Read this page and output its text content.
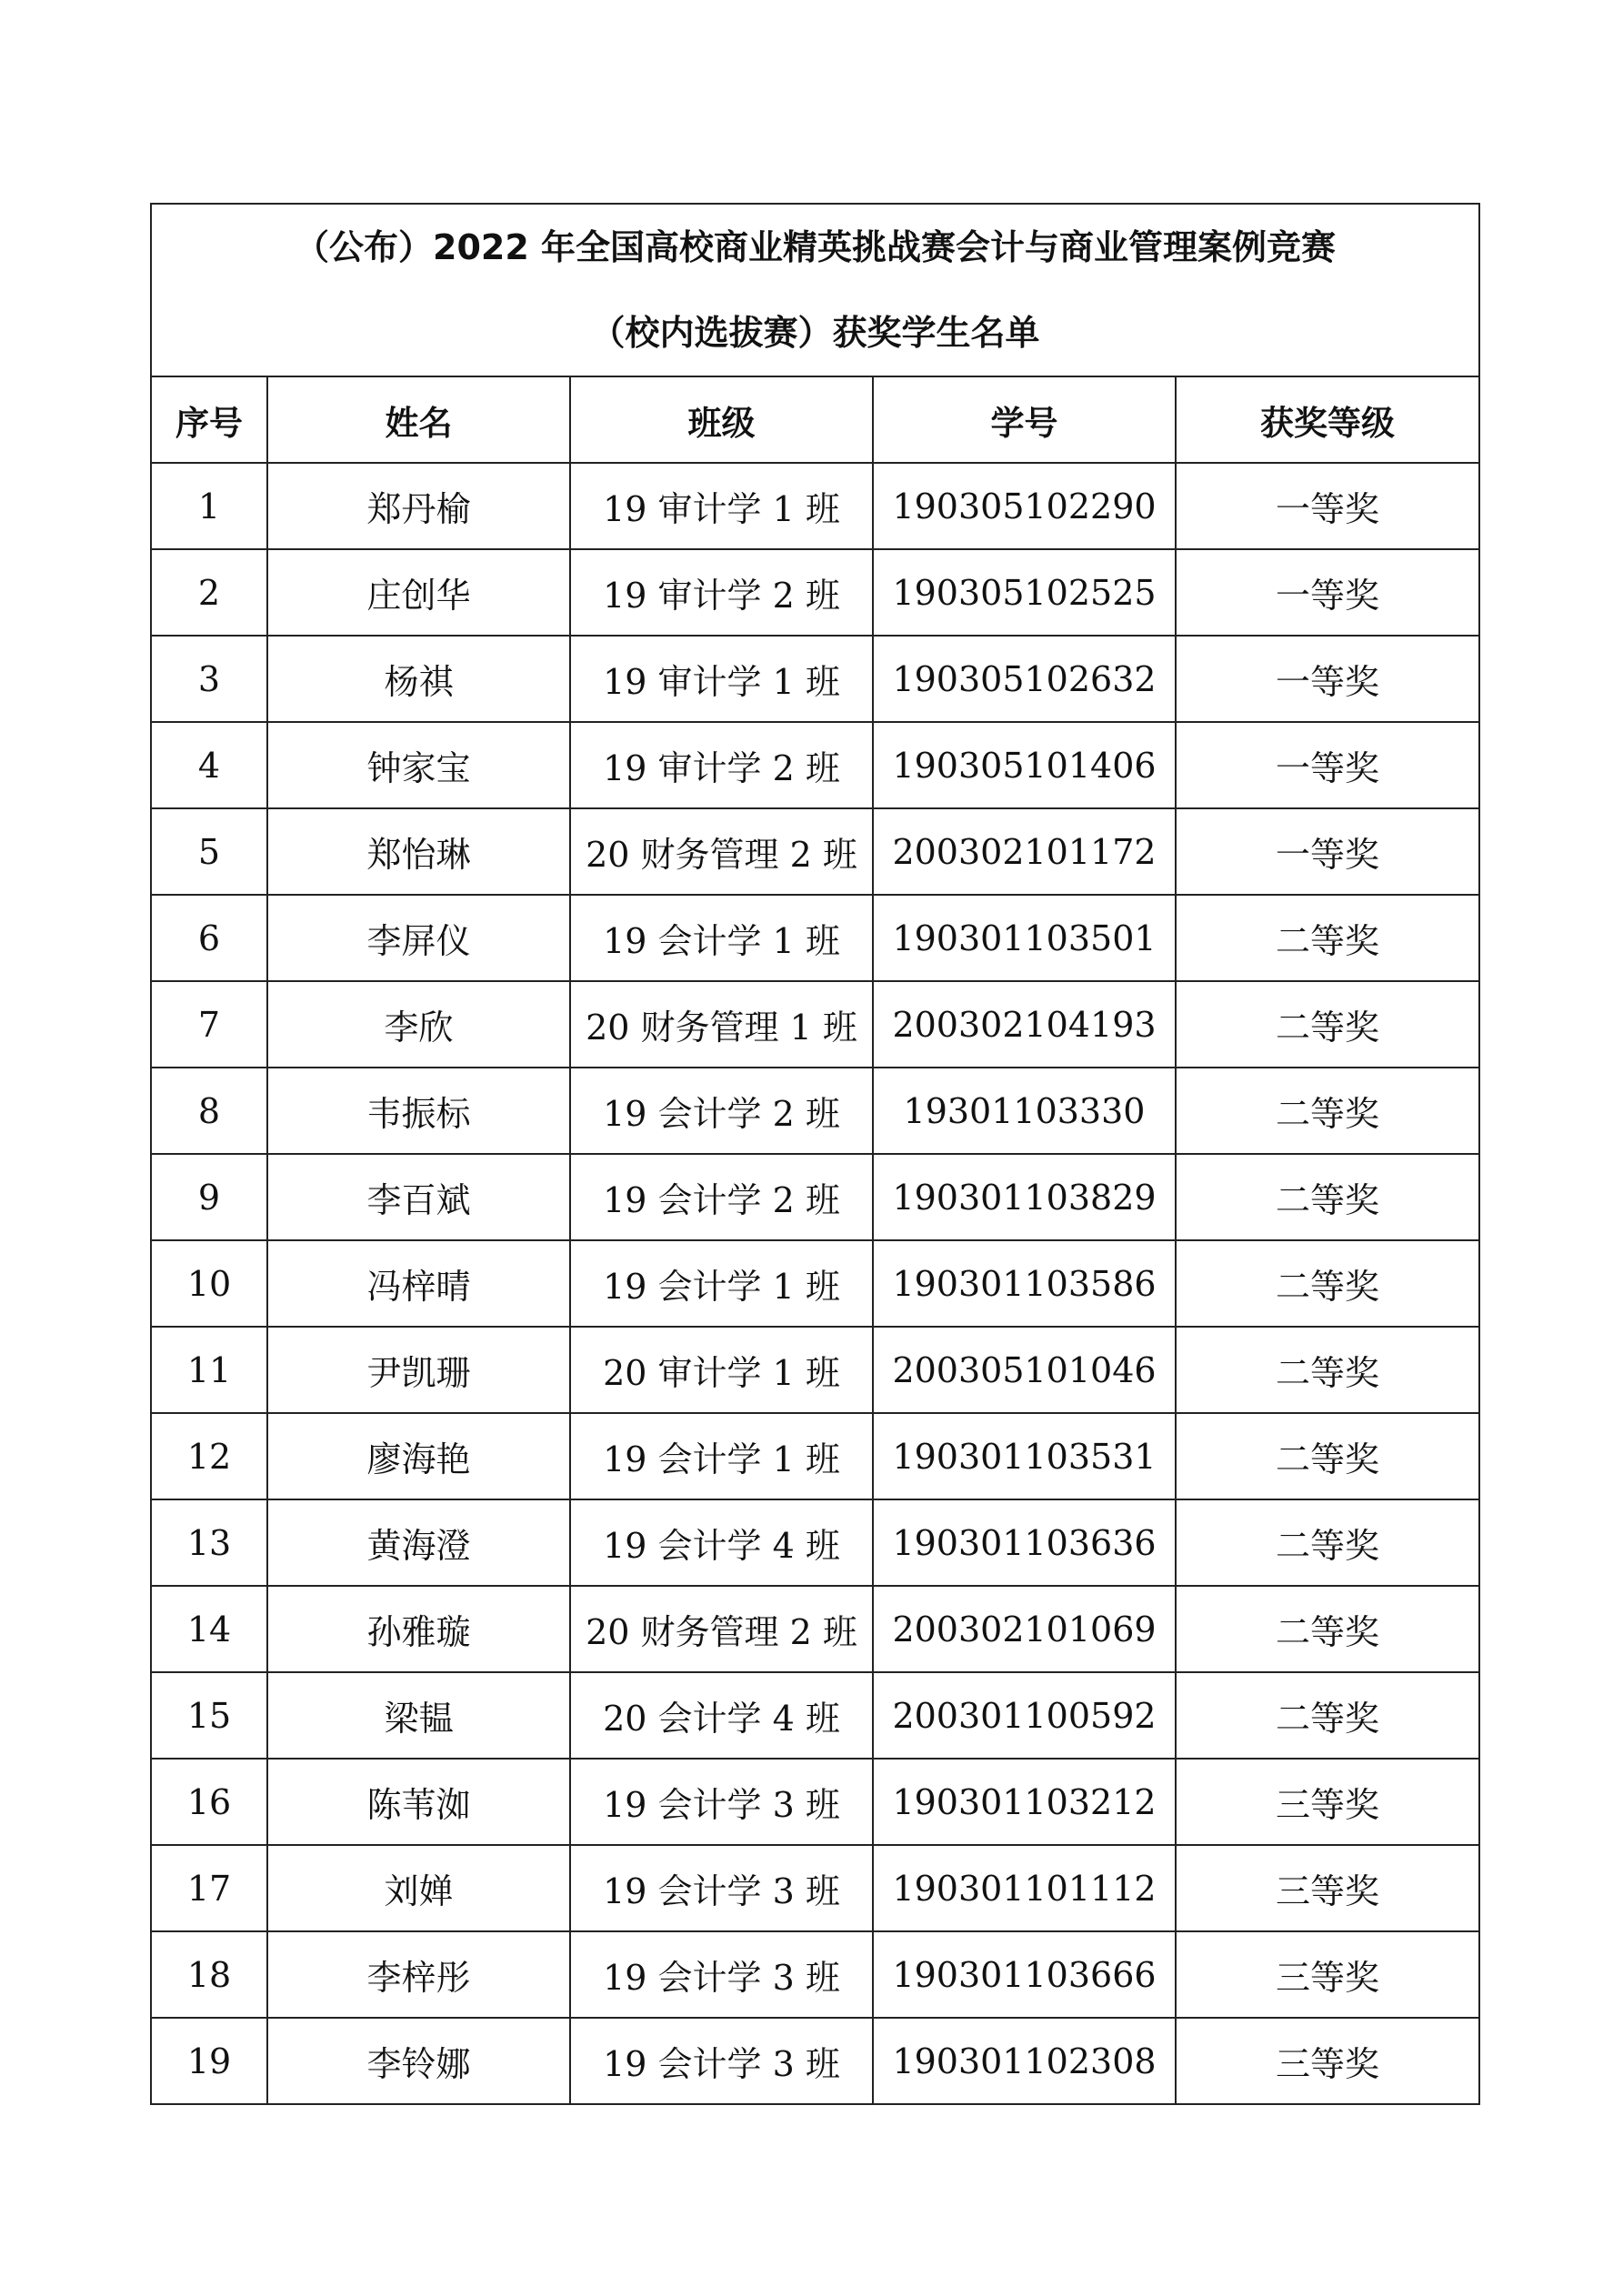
（公布）2022 年全国高校商业精英挑战赛会计与商业管理案例竞赛
（校内选拔赛）获奖学生名单				

序号	姓名	班级	学号	获奖等级
1	郑丹榆	19 审计学 1 班	190305102290	一等奖
2	庄创华	19 审计学 2 班	190305102525	一等奖
3	杨祺	19 审计学 1 班	190305102632	一等奖
4	钟家宝	19 审计学 2 班	190305101406	一等奖
5	郑怡琳	20 财务管理 2 班	200302101172	一等奖
6	李屏仪	19 会计学 1 班	190301103501	二等奖
7	李欣	20 财务管理 1 班	200302104193	二等奖
8	韦振标	19 会计学 2 班	19301103330	二等奖
9	李百斌	19 会计学 2 班	190301103829	二等奖
10	冯梓晴	19 会计学 1 班	190301103586	二等奖
11	尹凯珊	20 审计学 1 班	200305101046	二等奖
12	廖海艳	19 会计学 1 班	190301103531	二等奖
13	黄海澄	19 会计学 4 班	190301103636	二等奖
14	孙雅璇	20 财务管理 2 班	200302101069	二等奖
15	梁韫	20 会计学 4 班	200301100592	二等奖
16	陈苇洳	19 会计学 3 班	190301103212	三等奖
17	刘婵	19 会计学 3 班	190301101112	三等奖
18	李梓彤	19 会计学 3 班	190301103666	三等奖
19	李铃娜	19 会计学 3 班	190301102308	三等奖
